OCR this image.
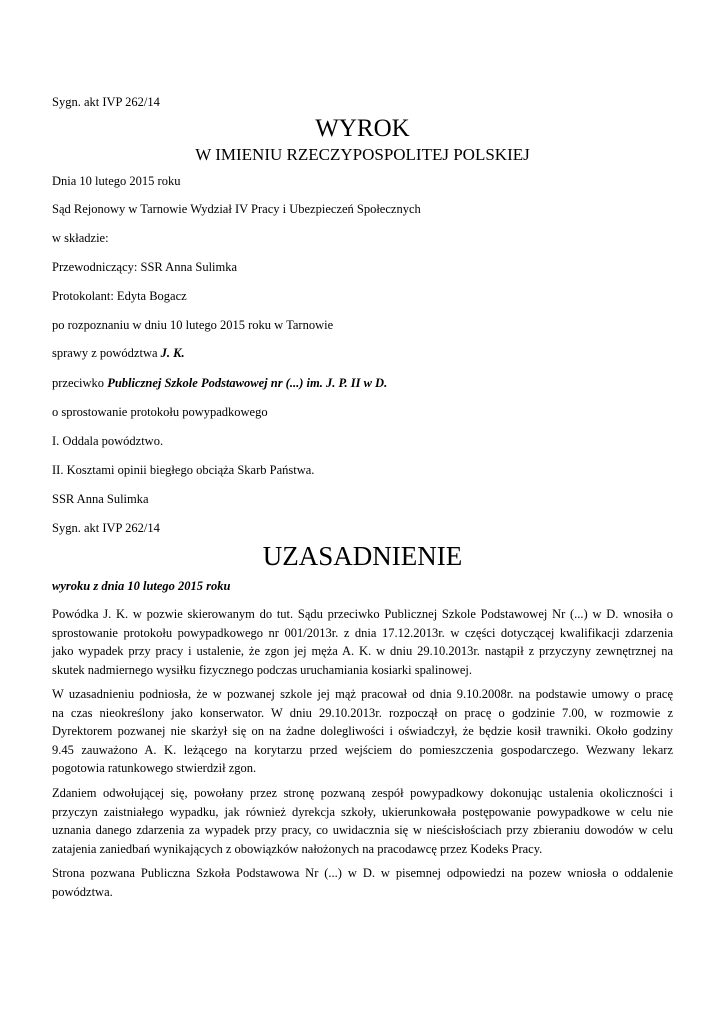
Sygn. akt IVP 262/14
WYROK
W IMIENIU RZECZYPOSPOLITEJ POLSKIEJ
Dnia 10 lutego 2015 roku
Sąd Rejonowy w Tarnowie Wydział IV Pracy i Ubezpieczeń Społecznych
w składzie:
Przewodniczący: SSR Anna Sulimka
Protokolant: Edyta Bogacz
po rozpoznaniu w dniu 10 lutego 2015 roku w Tarnowie
sprawy z powództwa J. K.
przeciwko Publicznej Szkole Podstawowej nr (...) im. J. P. II w D.
o sprostowanie protokołu powypadkowego
I. Oddala powództwo.
II. Kosztami opinii biegłego obciąża Skarb Państwa.
SSR Anna Sulimka
Sygn. akt IVP 262/14
UZASADNIENIE
wyroku z dnia 10 lutego 2015 roku
Powódka J. K. w pozwie skierowanym do tut. Sądu przeciwko Publicznej Szkole Podstawowej Nr (...) w D. wnosiła o
sprostowanie protokołu powypadkowego nr 001/2013r. z dnia 17.12.2013r. w części dotyczącej kwalifikacji zdarzenia
jako wypadek przy pracy i ustalenie, że zgon jej męża A. K. w dniu 29.10.2013r. nastąpił z przyczyny zewnętrznej na
skutek nadmiernego wysiłku fizycznego podczas uruchamiania kosiarki spalinowej.
W uzasadnieniu podniosła, że w pozwanej szkole jej mąż pracował od dnia 9.10.2008r. na podstawie umowy o pracę
na czas nieokreślony jako konserwator. W dniu 29.10.2013r. rozpoczął on pracę o godzinie 7.00, w rozmowie z
Dyrektorem pozwanej nie skarżył się on na żadne dolegliwości i oświadczył, że będzie kosił trawniki. Około godziny
9.45 zauważono A. K. leżącego na korytarzu przed wejściem do pomieszczenia gospodarczego. Wezwany lekarz
pogotowia ratunkowego stwierdził zgon.
Zdaniem odwołującej się, powołany przez stronę pozwaną zespół powypadkowy dokonując ustalenia okoliczności i
przyczyn zaistniałego wypadku, jak również dyrekcja szkoły, ukierunkowała postępowanie powypadkowe w celu nie
uznania danego zdarzenia za wypadek przy pracy, co uwidacznia się w nieścisłościach przy zbieraniu dowodów w celu
zatajenia zaniedbań wynikających z obowiązków nałożonych na pracodawcę przez Kodeks Pracy.
Strona pozwana Publiczna Szkoła Podstawowa Nr (...) w D. w pisemnej odpowiedzi na pozew wniosła o oddalenie
powództwa.
